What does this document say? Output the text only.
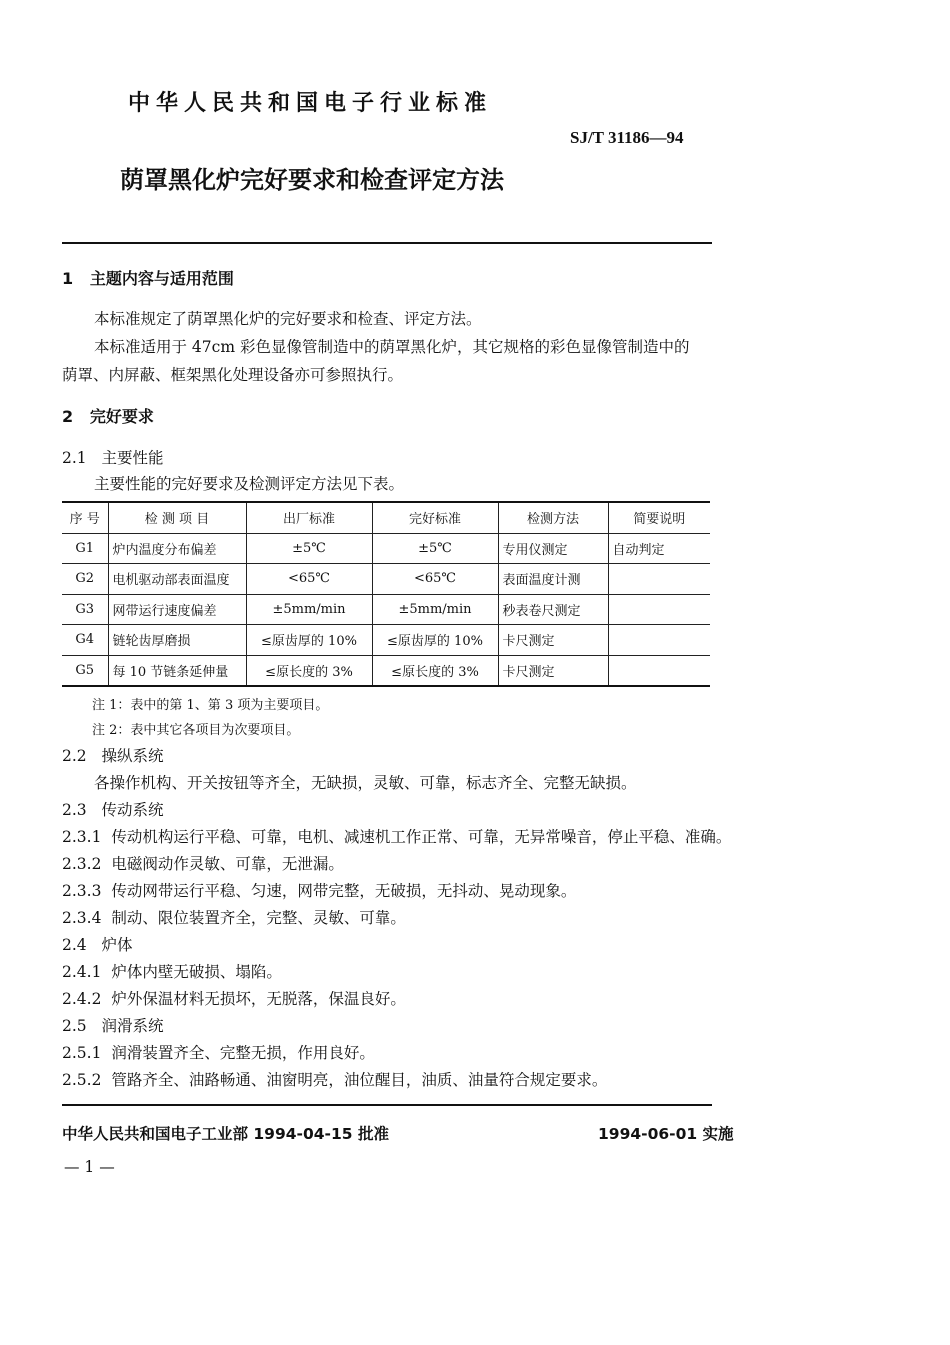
中华人民共和国电子行业标准
SJ/T 31186—94
荫罩黑化炉完好要求和检查评定方法
1 主题内容与适用范围
本标准规定了荫罩黑化炉的完好要求和检查、评定方法。
本标准适用于 47cm 彩色显像管制造中的荫罩黑化炉，其它规格的彩色显像管制造中的
荫罩、内屏蔽、框架黑化处理设备亦可参照执行。
2 完好要求
2.1 主要性能
主要性能的完好要求及检测评定方法见下表。
序 号	检 测 项 目	出厂标准	完好标准	检测方法	简要说明
G1	炉内温度分布偏差	±5℃	±5℃	专用仪测定	自动判定
G2	电机驱动部表面温度	<65℃	<65℃	表面温度计测	
G3	网带运行速度偏差	±5mm/min	±5mm/min	秒表卷尺测定	
G4	链轮齿厚磨损	≤原齿厚的 10%	≤原齿厚的 10%	卡尺测定	
G5	每 10 节链条延伸量	≤原长度的 3%	≤原长度的 3%	卡尺测定	
注 1：表中的第 1、第 3 项为主要项目。
注 2：表中其它各项目为次要项目。
2.2 操纵系统
各操作机构、开关按钮等齐全，无缺损，灵敏、可靠，标志齐全、完整无缺损。
2.3 传动系统
2.3.1 传动机构运行平稳、可靠，电机、减速机工作正常、可靠，无异常噪音，停止平稳、准确。
2.3.2 电磁阀动作灵敏、可靠，无泄漏。
2.3.3 传动网带运行平稳、匀速，网带完整，无破损，无抖动、晃动现象。
2.3.4 制动、限位装置齐全，完整、灵敏、可靠。
2.4 炉体
2.4.1 炉体内壁无破损、塌陷。
2.4.2 炉外保温材料无损坏，无脱落，保温良好。
2.5 润滑系统
2.5.1 润滑装置齐全、完整无损，作用良好。
2.5.2 管路齐全、油路畅通、油窗明亮，油位醒目，油质、油量符合规定要求。
中华人民共和国电子工业部 1994-04-15 批准	1994-06-01 实施
— 1 —
